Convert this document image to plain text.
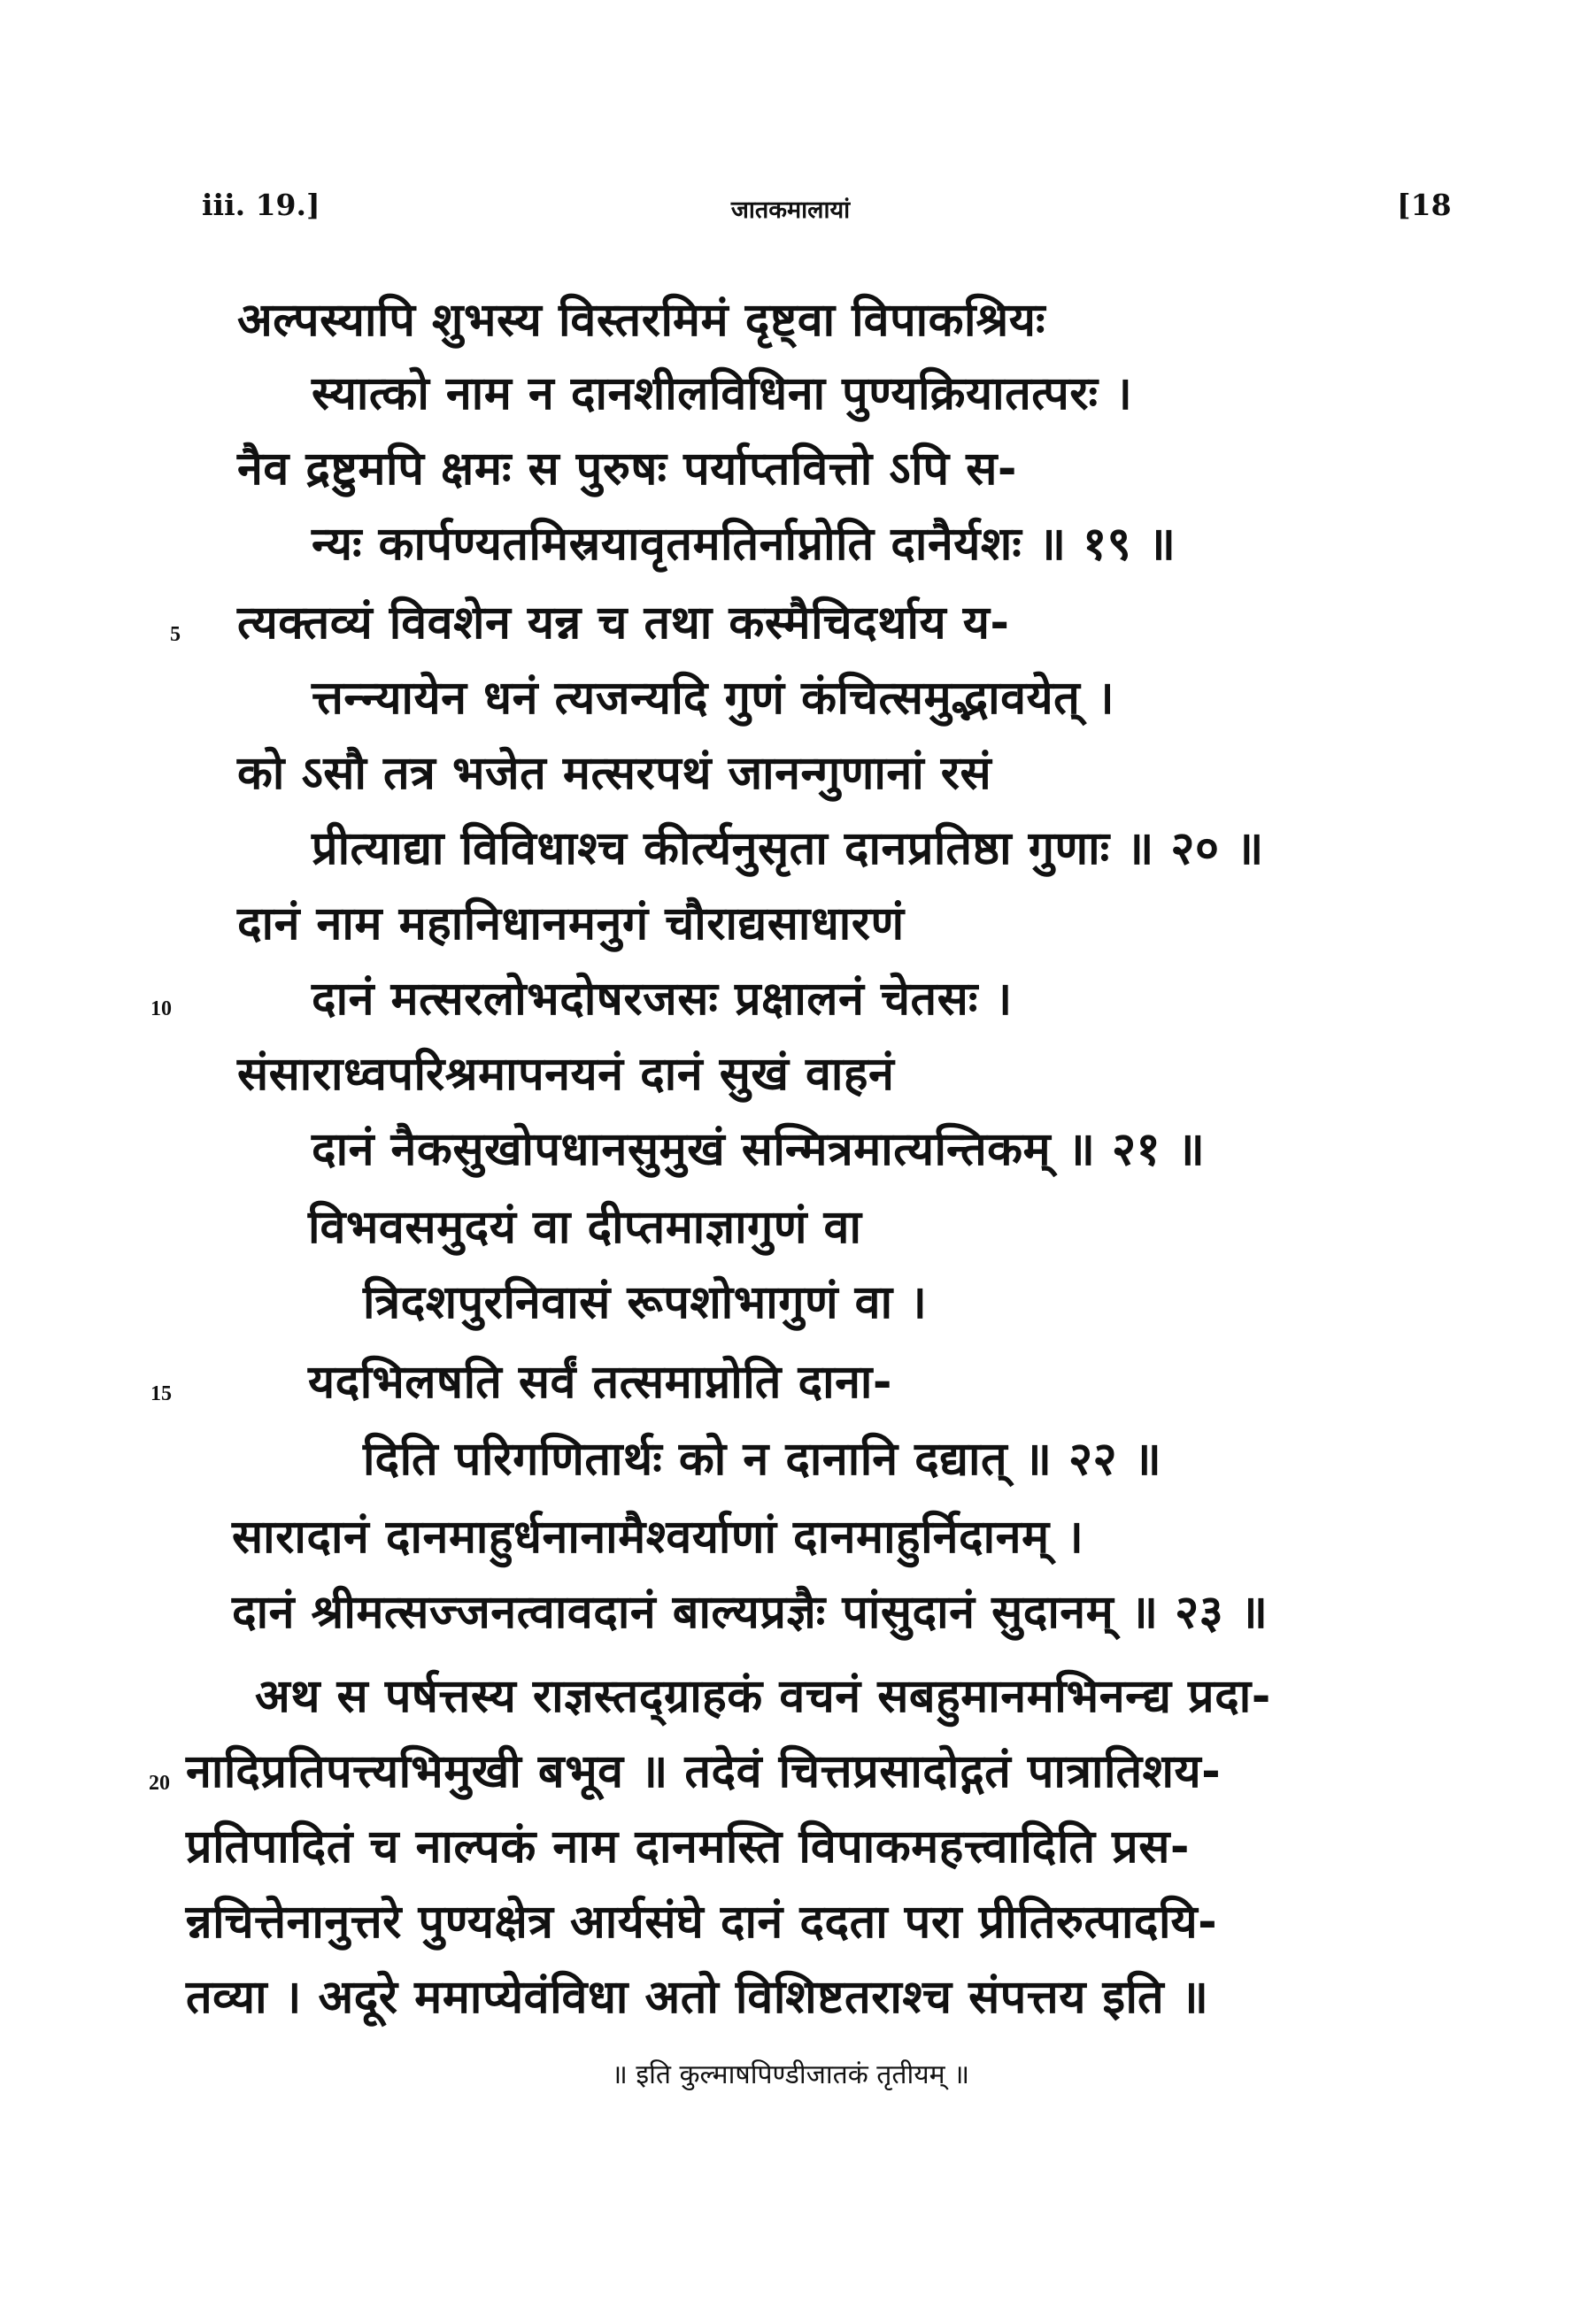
iii. 19.]	जातकमालायां	[18
5
10
15
20
अल्पस्यापि शुभस्य विस्तरमिमं दृष्ट्वा विपाकश्रियः
स्यात्को नाम न दानशीलविधिना पुण्यक्रियातत्परः ।
नैव द्रष्टुमपि क्षमः स पुरुषः पर्याप्तवित्तो ऽपि स-
न्यः कार्पण्यतमिस्रयावृतमतिर्नाप्नोति दानैर्यशः ॥ १९ ॥
त्यक्तव्यं विवशेन यन्न च तथा कस्मैचिदर्थाय य-
त्तन्न्यायेन धनं त्यजन्यदि गुणं कंचित्समुद्भावयेत् ।
को ऽसौ तत्र भजेत मत्सरपथं जानन्गुणानां रसं
प्रीत्याद्या विविधाश्च कीर्त्यनुसृता दानप्रतिष्ठा गुणाः ॥ २० ॥
दानं नाम महानिधानमनुगं चौराद्यसाधारणं
दानं मत्सरलोभदोषरजसः प्रक्षालनं चेतसः ।
संसाराध्वपरिश्रमापनयनं दानं सुखं वाहनं
दानं नैकसुखोपधानसुमुखं सन्मित्रमात्यन्तिकम् ॥ २१ ॥
विभवसमुदयं वा दीप्तमाज्ञागुणं वा
त्रिदशपुरनिवासं रूपशोभागुणं वा ।
यदभिलषति सर्वं तत्समाप्नोति दाना-
दिति परिगणितार्थः को न दानानि दद्यात् ॥ २२ ॥
सारादानं दानमाहुर्धनानामैश्वर्याणां दानमाहुर्निदानम् ।
दानं श्रीमत्सज्जनत्वावदानं बाल्यप्रज्ञैः पांसुदानं सुदानम् ॥ २३ ॥
अथ स पर्षत्तस्य राज्ञस्तद्ग्राहकं वचनं सबहुमानमभिनन्द्य प्रदा-
नादिप्रतिपत्त्यभिमुखी बभूव ॥ तदेवं चित्तप्रसादोद्गतं पात्रातिशय-
प्रतिपादितं च नाल्पकं नाम दानमस्ति विपाकमहत्त्वादिति प्रस-
न्नचित्तेनानुत्तरे पुण्यक्षेत्र आर्यसंघे दानं ददता परा प्रीतिरुत्पादयि-
तव्या । अदूरे ममाप्येवंविधा अतो विशिष्टतराश्च संपत्तय इति ॥
॥ इति कुल्माषपिण्डीजातकं तृतीयम् ॥
